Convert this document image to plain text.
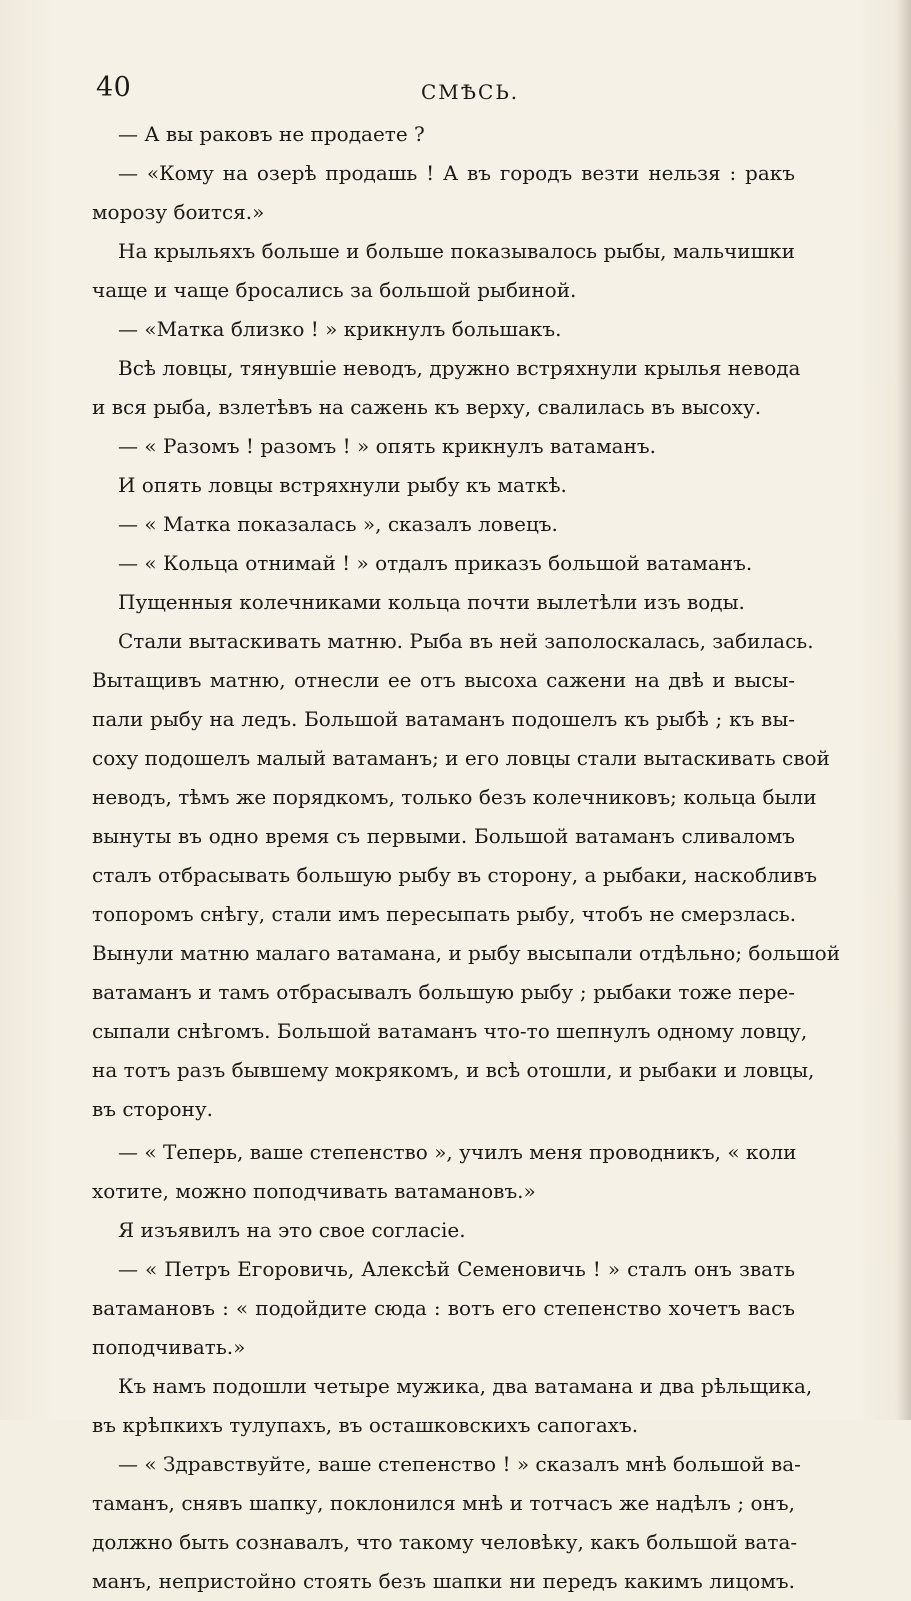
40	СМѢСЬ.
— А вы раковъ не продаете ?
— «Кому на озерѣ продашь ! А въ городъ везти нельзя : ракъ
морозу боится.»
На крыльяхъ больше и больше показывалось рыбы, мальчишки
чаще и чаще бросались за большой рыбиной.
— «Матка близко ! » крикнулъ большакъ.
Всѣ ловцы, тянувшіе неводъ, дружно встряхнули крылья невода
и вся рыба, взлетѣвъ на сажень къ верху, свалилась въ высоху.
— « Разомъ ! разомъ ! » опять крикнулъ ватаманъ.
И опять ловцы встряхнули рыбу къ маткѣ.
— « Матка показалась », сказалъ ловецъ.
— « Кольца отнимай ! » отдалъ приказъ большой ватаманъ.
Пущенныя колечниками кольца почти вылетѣли изъ воды.
Стали вытаскивать матню. Рыба въ ней заполоскалась, забилась.
Вытащивъ матню, отнесли ее отъ высоха сажени на двѣ и высы-
пали рыбу на ледъ. Большой ватаманъ подошелъ къ рыбѣ ; къ вы-
соху подошелъ малый ватаманъ; и его ловцы стали вытаскивать свой
неводъ, тѣмъ же порядкомъ, только безъ колечниковъ; кольца были
вынуты въ одно время съ первыми. Большой ватаманъ сливаломъ
сталъ отбрасывать большую рыбу въ сторону, а рыбаки, наскобливъ
топоромъ снѣгу, стали имъ пересыпать рыбу, чтобъ не смерзлась.
Вынули матню малаго ватамана, и рыбу высыпали отдѣльно; большой
ватаманъ и тамъ отбрасывалъ большую рыбу ; рыбаки тоже пере-
сыпали снѣгомъ. Большой ватаманъ что-то шепнулъ одному ловцу,
на тотъ разъ бывшему мокрякомъ, и всѣ отошли, и рыбаки и ловцы,
въ сторону.
— « Теперь, ваше степенство », училъ меня проводникъ, « коли
хотите, можно поподчивать ватамановъ.»
Я изъявилъ на это свое согласіе.
— « Петръ Егоровичь, Алексѣй Семеновичь ! » сталъ онъ звать
ватамановъ : « подойдите сюда : вотъ его степенство хочетъ васъ
поподчивать.»
Къ намъ подошли четыре мужика, два ватамана и два рѣльщика,
въ крѣпкихъ тулупахъ, въ осташковскихъ сапогахъ.
— « Здравствуйте, ваше степенство ! » сказалъ мнѣ большой ва-
таманъ, снявъ шапку, поклонился мнѣ и тотчасъ же надѣлъ ; онъ,
должно быть сознавалъ, что такому человѣку, какъ большой вата-
манъ, непристойно стоять безъ шапки ни передъ какимъ лицомъ.
